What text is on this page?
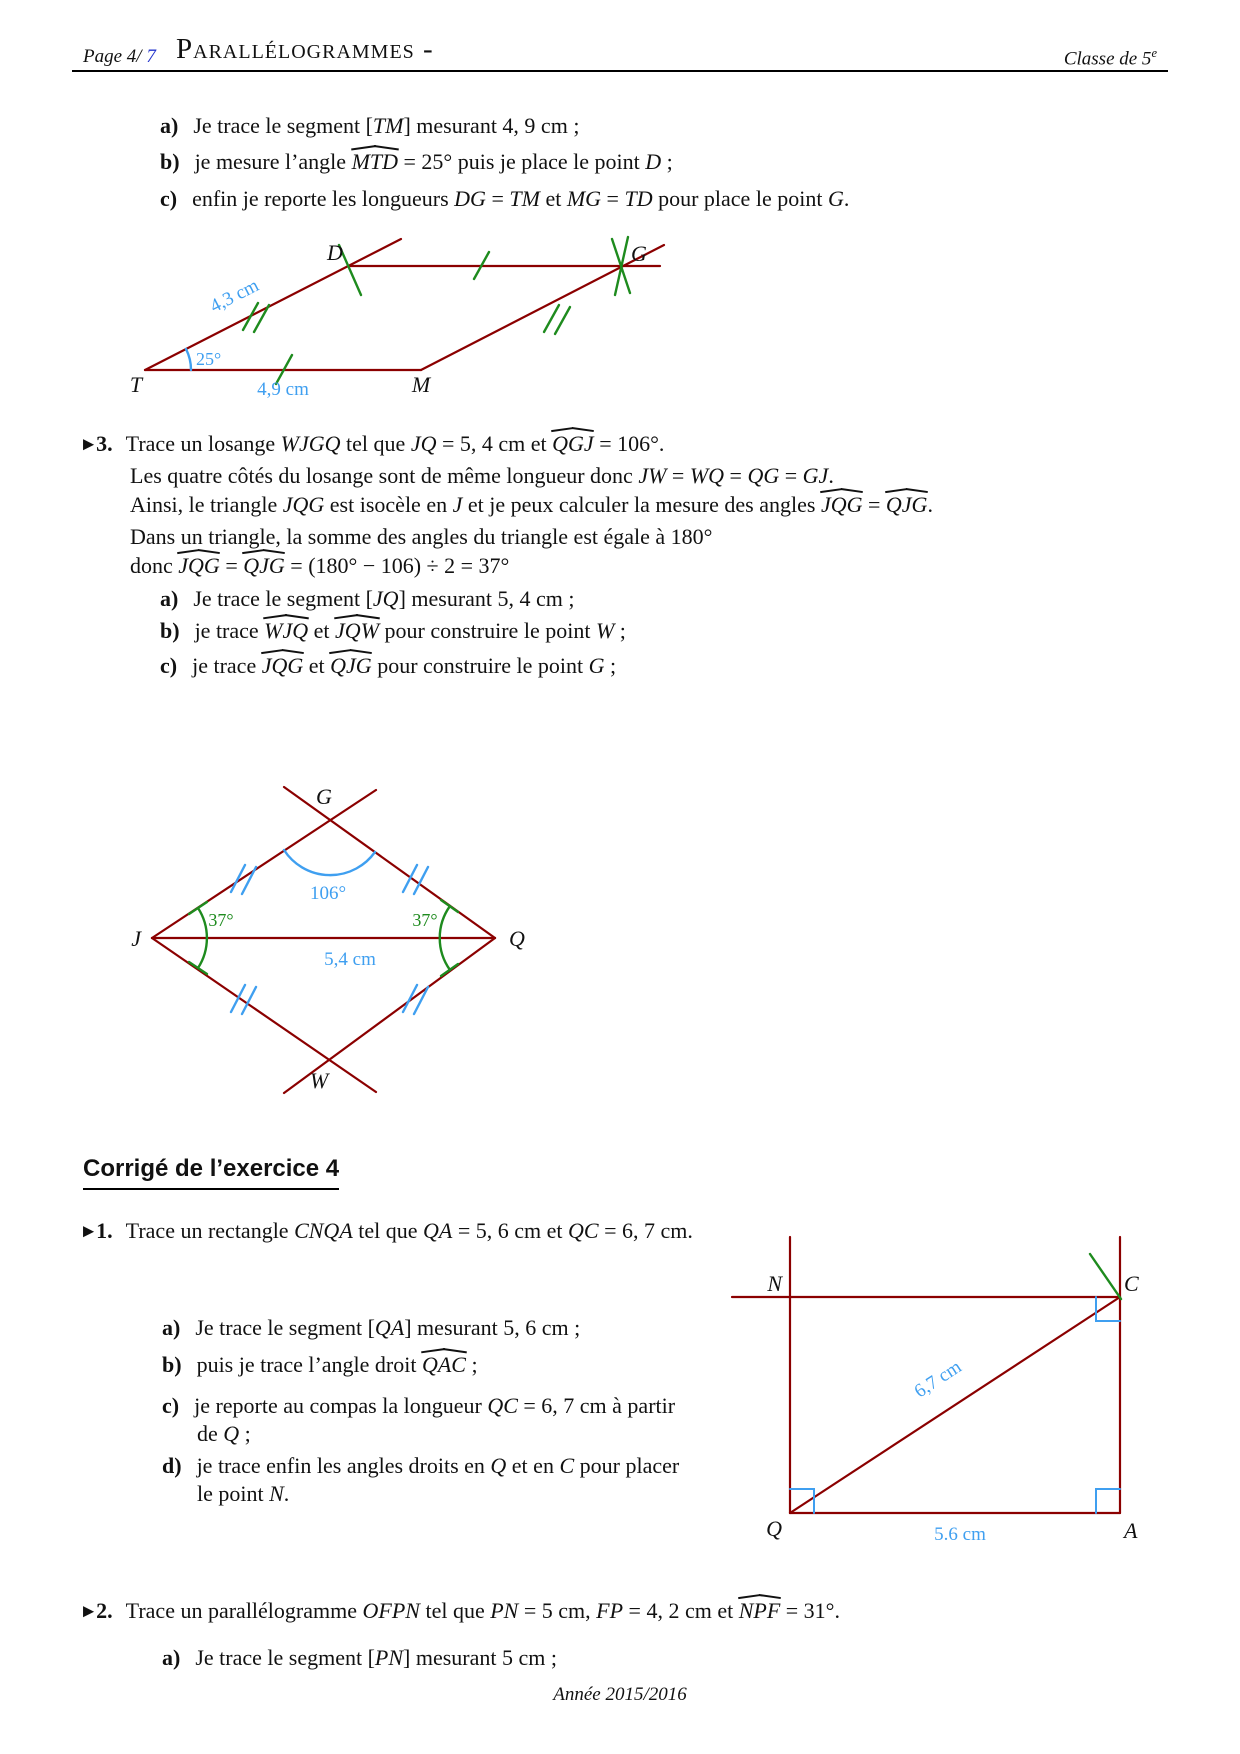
Page 4/ 7 Parallélogrammes -	Classe de 5e
a) Je trace le segment [TM] mesurant 4, 9 cm ;
b) je mesure l’angle MTD = 25° puis je place le point D ;
c) enfin je reporte les longueurs DG = TM et MG = TD pour place le point G.
25°
4,3 cm
4,9 cm
T	M
D	G
▶3. Trace un losange WJGQ tel que JQ = 5, 4 cm et QGJ = 106°.
Les quatre côtés du losange sont de même longueur donc JW = WQ = QG = GJ.
Ainsi, le triangle JQG est isocèle en J et je peux calculer la mesure des angles JQG = QJG.
Dans un triangle, la somme des angles du triangle est égale à 180°
donc JQG = QJG = (180° − 106) ÷ 2 = 37°
a) Je trace le segment [JQ] mesurant 5, 4 cm ;
b) je trace WJQ et JQW pour construire le point W ;
c) je trace JQG et QJG pour construire le point G ;
106°
37°	37°
5,4 cm
J	Q
G
W
Corrigé de l’exercice 4
▶1. Trace un rectangle CNQA tel que QA = 5, 6 cm et QC = 6, 7 cm.
a) Je trace le segment [QA] mesurant 5, 6 cm ;
b) puis je trace l’angle droit QAC ;
c) je reporte au compas la longueur QC = 6, 7 cm à partir
de Q ;
d) je trace enfin les angles droits en Q et en C pour placer
le point N.
6,7 cm
5.6 cm
N	C
Q	A
▶2. Trace un parallélogramme OFPN tel que PN = 5 cm, FP = 4, 2 cm et NPF = 31°.
a) Je trace le segment [PN] mesurant 5 cm ;
Année 2015/2016
